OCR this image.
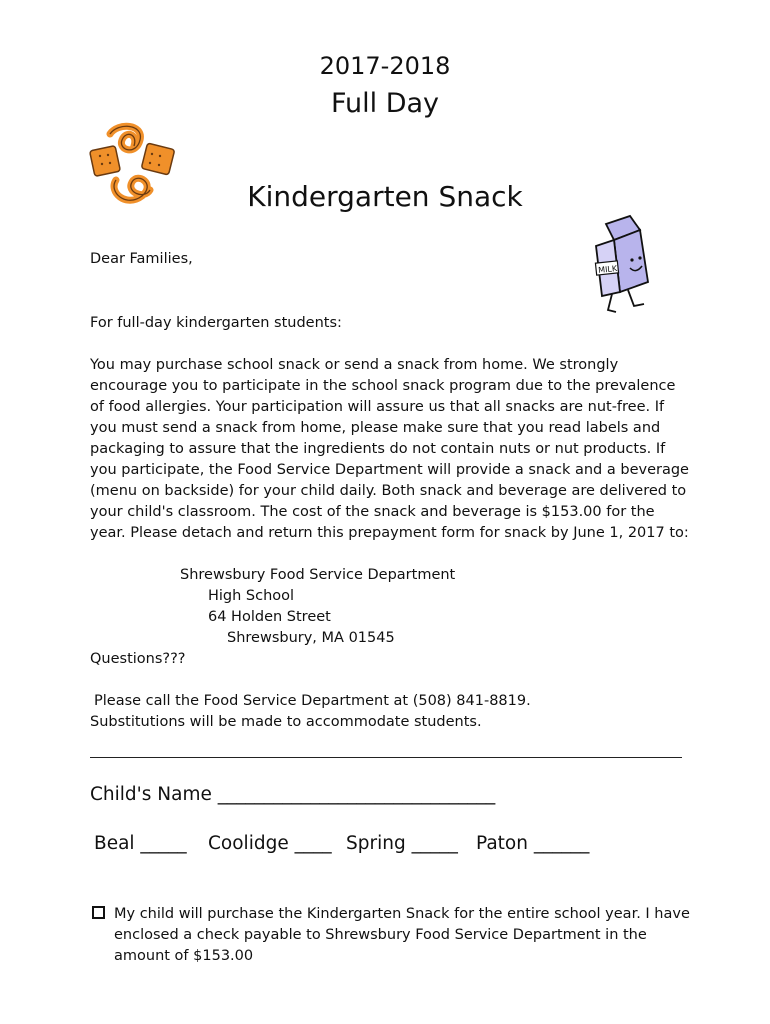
2017-2018
Full Day
Kindergarten Snack
MILK
Dear Families,
For full-day kindergarten students:
You may purchase school snack or send a snack from home. We strongly encourage you to participate in the school snack program due to the prevalence of food allergies. Your participation will assure us that all snacks are nut-free. If you must send a snack from home, please make sure that you read labels and packaging to assure that the ingredients do not contain nuts or nut products. If you participate, the Food Service Department will provide a snack and a beverage (menu on backside) for your child daily. Both snack and beverage are delivered to your child's classroom. The cost of the snack and beverage is $153.00 for the year. Please detach and return this prepayment form for snack by June 1, 2017 to:
Shrewsbury Food Service Department
High School
64 Holden Street
Shrewsbury, MA 01545
Questions???
Please call the Food Service Department at (508) 841-8819.
Substitutions will be made to accommodate students.
Child's Name ______________________________
Beal _____ Coolidge ____ Spring _____ Paton ______
My child will purchase the Kindergarten Snack for the entire school year. I have enclosed a check payable to Shrewsbury Food Service Department in the amount of $153.00
